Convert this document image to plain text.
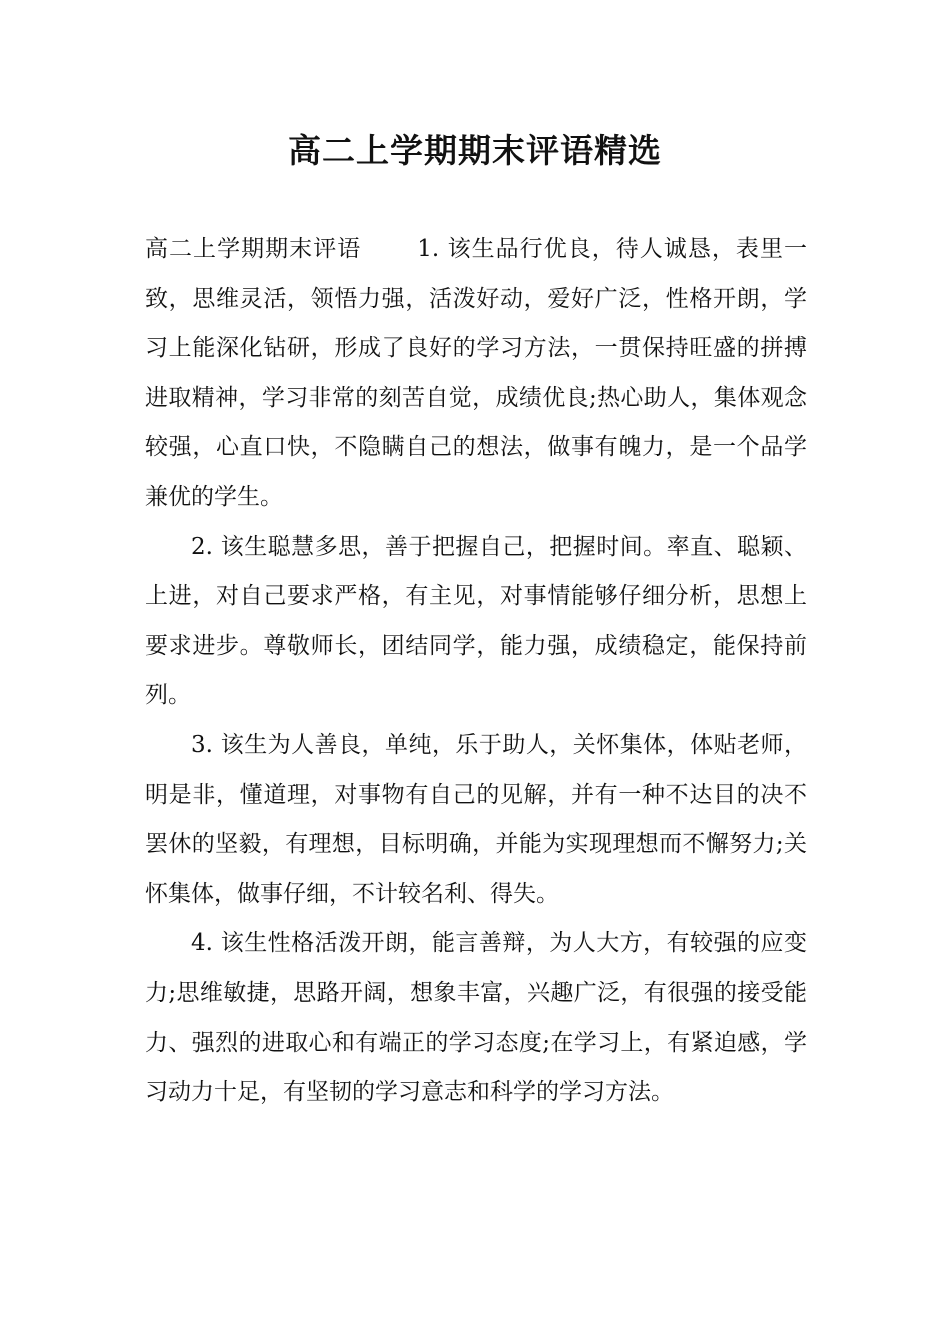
高二上学期期末评语精选

高二上学期期末评语 1. 该生品行优良，待人诚恳，表里一致，思维灵活，领悟力强，活泼好动，爱好广泛，性格开朗，学习上能深化钻研，形成了良好的学习方法，一贯保持旺盛的拼搏进取精神，学习非常的刻苦自觉，成绩优良;热心助人，集体观念较强，心直口快，不隐瞒自己的想法，做事有魄力，是一个品学兼优的学生。

2. 该生聪慧多思，善于把握自己，把握时间。率直、聪颖、上进，对自己要求严格，有主见，对事情能够仔细分析，思想上要求进步。尊敬师长，团结同学，能力强，成绩稳定，能保持前列。

3. 该生为人善良，单纯，乐于助人，关怀集体，体贴老师，明是非，懂道理，对事物有自己的见解，并有一种不达目的决不罢休的坚毅，有理想，目标明确，并能为实现理想而不懈努力;关怀集体，做事仔细，不计较名利、得失。

4. 该生性格活泼开朗，能言善辩，为人大方，有较强的应变力;思维敏捷，思路开阔，想象丰富，兴趣广泛，有很强的接受能力、强烈的进取心和有端正的学习态度;在学习上，有紧迫感，学习动力十足，有坚韧的学习意志和科学的学习方法。
